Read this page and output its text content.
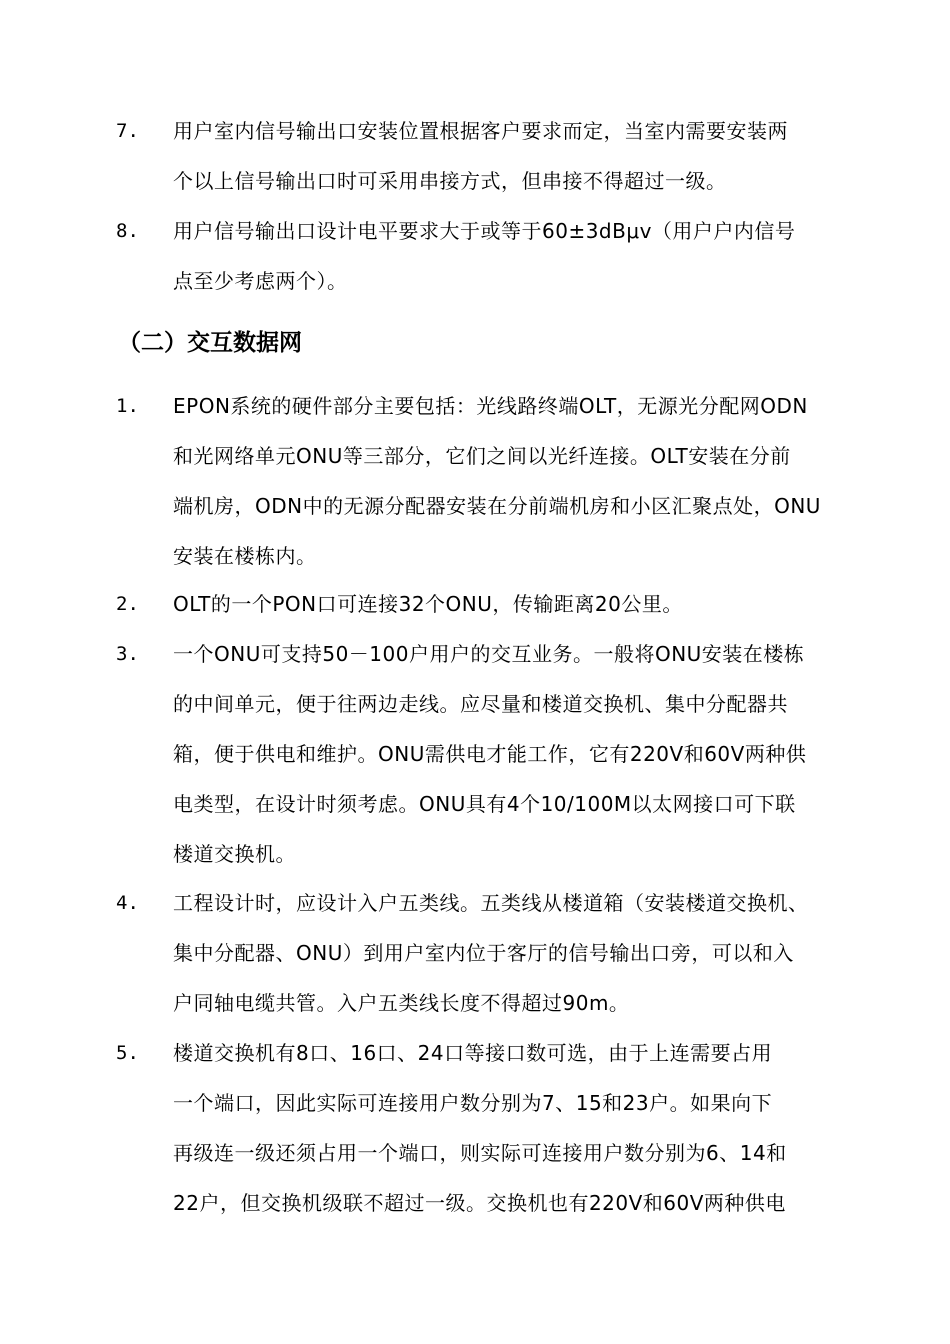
7. 用户室内信号输出口安装位置根据客户要求而定，当室内需要安装两
个以上信号输出口时可采用串接方式，但串接不得超过一级。
8. 用户信号输出口设计电平要求大于或等于60±3dBμv（用户户内信号
点至少考虑两个）。
（二）交互数据网
1. EPON系统的硬件部分主要包括：光线路终端OLT，无源光分配网ODN
和光网络单元ONU等三部分，它们之间以光纤连接。OLT安装在分前
端机房，ODN中的无源分配器安装在分前端机房和小区汇聚点处，ONU
安装在楼栋内。
2. OLT的一个PON口可连接32个ONU，传输距离20公里。
3. 一个ONU可支持50－100户用户的交互业务。一般将ONU安装在楼栋
的中间单元，便于往两边走线。应尽量和楼道交换机、集中分配器共
箱，便于供电和维护。ONU需供电才能工作，它有220V和60V两种供
电类型，在设计时须考虑。ONU具有4个10/100M以太网接口可下联
楼道交换机。
4. 工程设计时，应设计入户五类线。五类线从楼道箱（安装楼道交换机、
集中分配器、ONU）到用户室内位于客厅的信号输出口旁，可以和入
户同轴电缆共管。入户五类线长度不得超过90m。
5. 楼道交换机有8口、16口、24口等接口数可选，由于上连需要占用
一个端口，因此实际可连接用户数分别为7、15和23户。如果向下
再级连一级还须占用一个端口，则实际可连接用户数分别为6、14和
22户，但交换机级联不超过一级。交换机也有220V和60V两种供电
